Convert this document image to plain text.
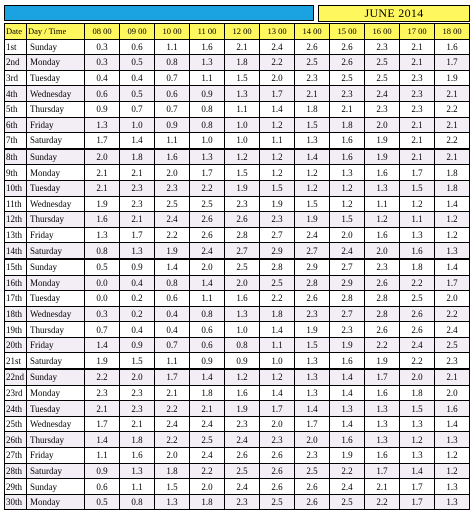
JUNE 2014
Date	Day / Time	08 00	09 00	10 00	11 00	12 00	13 00	14 00	15 00	16 00	17 00	18 00
1st	Sunday	0.3	0.6	1.1	1.6	2.1	2.4	2.6	2.6	2.3	2.1	1.6
2nd	Monday	0.3	0.5	0.8	1.3	1.8	2.2	2.5	2.6	2.5	2.1	1.7
3rd	Tuesday	0.4	0.4	0.7	1.1	1.5	2.0	2.3	2.5	2.5	2.3	1.9
4th	Wednesday	0.6	0.5	0.6	0.9	1.3	1.7	2.1	2.3	2.4	2.3	2.1
5th	Thursday	0.9	0.7	0.7	0.8	1.1	1.4	1.8	2.1	2.3	2.3	2.2
6th	Friday	1.3	1.0	0.9	0.8	1.0	1.2	1.5	1.8	2.0	2.1	2.1
7th	Saturday	1.7	1.4	1.1	1.0	1.0	1.1	1.3	1.6	1.9	2.1	2.2
8th	Sunday	2.0	1.8	1.6	1.3	1.2	1.2	1.4	1.6	1.9	2.1	2.1
9th	Monday	2.1	2.1	2.0	1.7	1.5	1.2	1.2	1.3	1.6	1.7	1.8
10th	Tuesday	2.1	2.3	2.3	2.2	1.9	1.5	1.2	1.2	1.3	1.5	1.8
11th	Wednesday	1.9	2.3	2.5	2.5	2.3	1.9	1.5	1.2	1.1	1.2	1.4
12th	Thursday	1.6	2.1	2.4	2.6	2.6	2.3	1.9	1.5	1.2	1.1	1.2
13th	Friday	1.3	1.7	2.2	2.6	2.8	2.7	2.4	2.0	1.6	1.3	1.2
14th	Saturday	0.8	1.3	1.9	2.4	2.7	2.9	2.7	2.4	2.0	1.6	1.3
15th	Sunday	0.5	0.9	1.4	2.0	2.5	2.8	2.9	2.7	2.3	1.8	1.4
16th	Monday	0.0	0.4	0.8	1.4	2.0	2.5	2.8	2.9	2.6	2.2	1.7
17th	Tuesday	0.0	0.2	0.6	1.1	1.6	2.2	2.6	2.8	2.8	2.5	2.0
18th	Wednesday	0.3	0.2	0.4	0.8	1.3	1.8	2.3	2.7	2.8	2.6	2.2
19th	Thursday	0.7	0.4	0.4	0.6	1.0	1.4	1.9	2.3	2.6	2.6	2.4
20th	Friday	1.4	0.9	0.7	0.6	0.8	1.1	1.5	1.9	2.2	2.4	2.5
21st	Saturday	1.9	1.5	1.1	0.9	0.9	1.0	1.3	1.6	1.9	2.2	2.3
22nd	Sunday	2.2	2.0	1.7	1.4	1.2	1.2	1.3	1.4	1.7	2.0	2.1
23rd	Monday	2.3	2.3	2.1	1.8	1.6	1.4	1.3	1.4	1.6	1.8	2.0
24th	Tuesday	2.1	2.3	2.2	2.1	1.9	1.7	1.4	1.3	1.3	1.5	1.6
25th	Wednesday	1.7	2.1	2.4	2.4	2.3	2.0	1.7	1.4	1.3	1.3	1.4
26th	Thursday	1.4	1.8	2.2	2.5	2.4	2.3	2.0	1.6	1.3	1.2	1.3
27th	Friday	1.1	1.6	2.0	2.4	2.6	2.6	2.3	1.9	1.6	1.3	1.2
28th	Saturday	0.9	1.3	1.8	2.2	2.5	2.6	2.5	2.2	1.7	1.4	1.2
29th	Sunday	0.6	1.1	1.5	2.0	2.4	2.6	2.6	2.4	2.1	1.7	1.3
30th	Monday	0.5	0.8	1.3	1.8	2.3	2.5	2.6	2.5	2.2	1.7	1.3
